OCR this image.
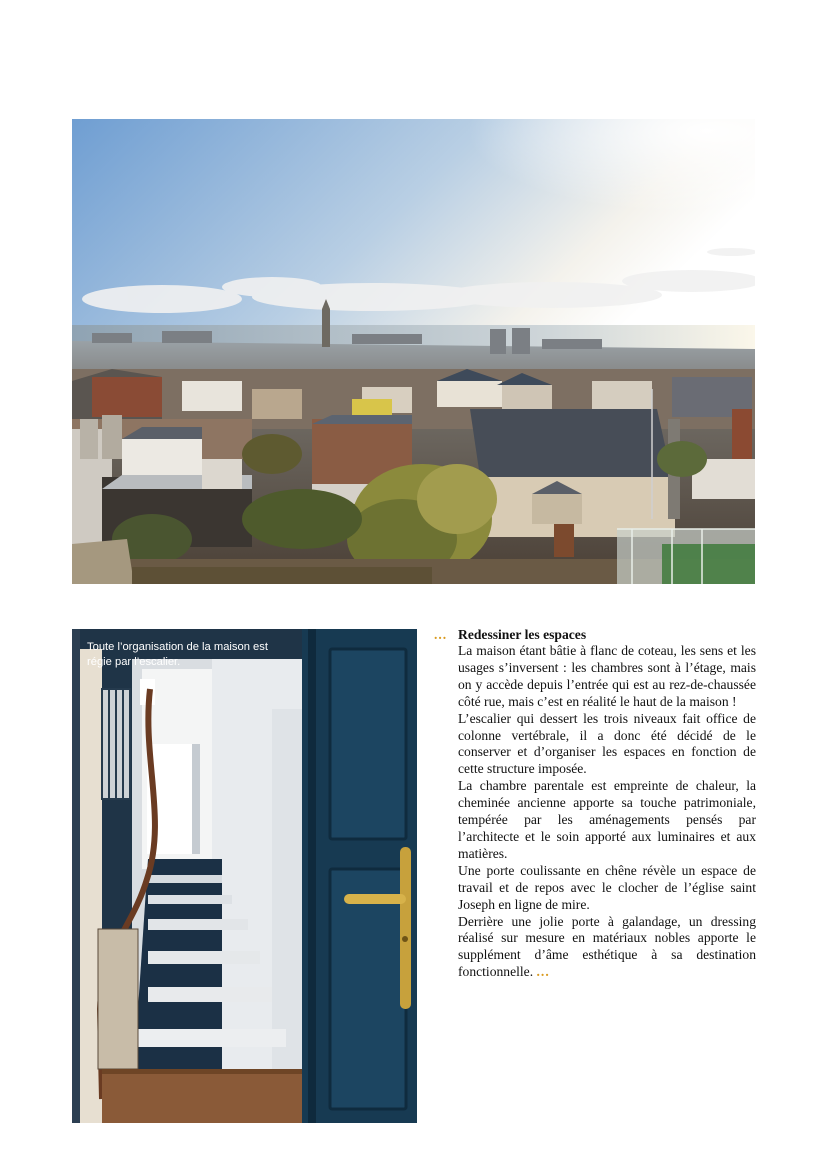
Toute l’organisation de la maison est régie par l’escalier.

... Redessiner les espaces

La maison étant bâtie à flanc de coteau, les sens et les usages s’inversent : les chambres sont à l’étage, mais on y accède depuis l’entrée qui est au rez-de-chaussée côté rue, mais c’est en réalité le haut de la maison !

L’escalier qui dessert les trois niveaux fait office de colonne vertébrale, il a donc été décidé de le conserver et d’organiser les espaces en fonction de cette structure imposée.

La chambre parentale est empreinte de chaleur, la cheminée ancienne apporte sa touche patrimoniale, tempérée par les aménagements pensés par l’architecte et le soin apporté aux luminaires et aux matières.

Une porte coulissante en chêne révèle un espace de travail et de repos avec le clocher de l’église saint Joseph en ligne de mire.

Derrière une jolie porte à galandage, un dressing réalisé sur mesure en matériaux nobles apporte le supplément d’âme esthétique à sa destination fonctionnelle. ...
